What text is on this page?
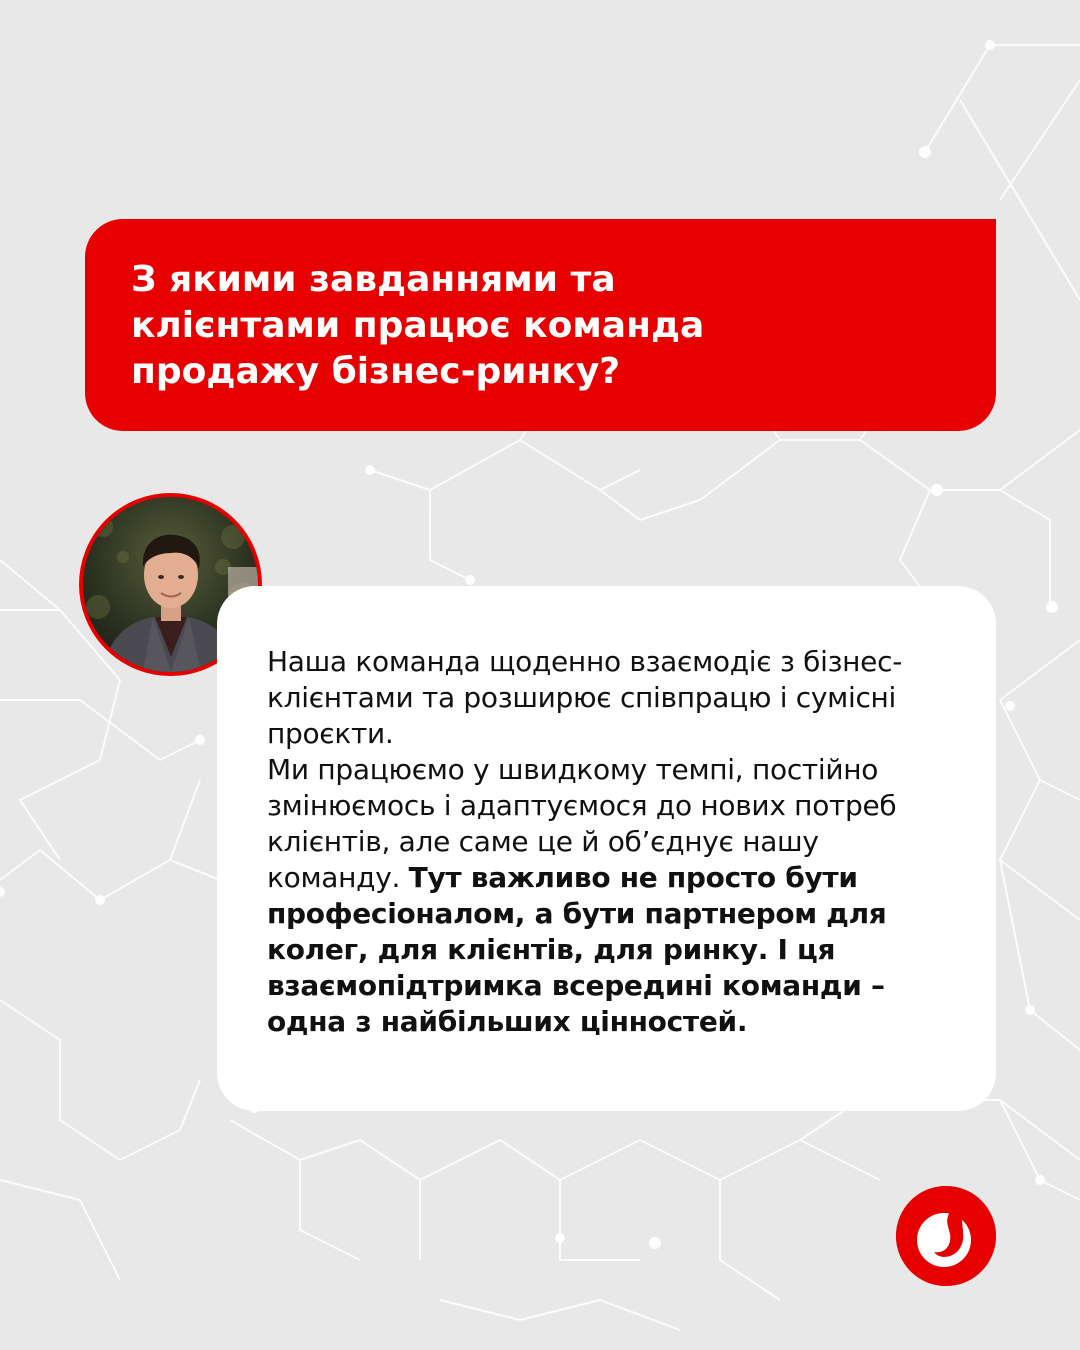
З якими завданнями та клієнтами працює команда продажу бізнес-ринку?

Наша команда щоденно взаємодіє з бізнес-клієнтами та розширює співпрацю і сумісні проєкти.
Ми працюємо у швидкому темпі, постійно змінюємось і адаптуємося до нових потреб клієнтів, але саме це й об’єднує нашу команду. Тут важливо не просто бути професіоналом, а бути партнером для колег, для клієнтів, для ринку. І ця взаємопідтримка всередині команди – одна з найбільших цінностей.
